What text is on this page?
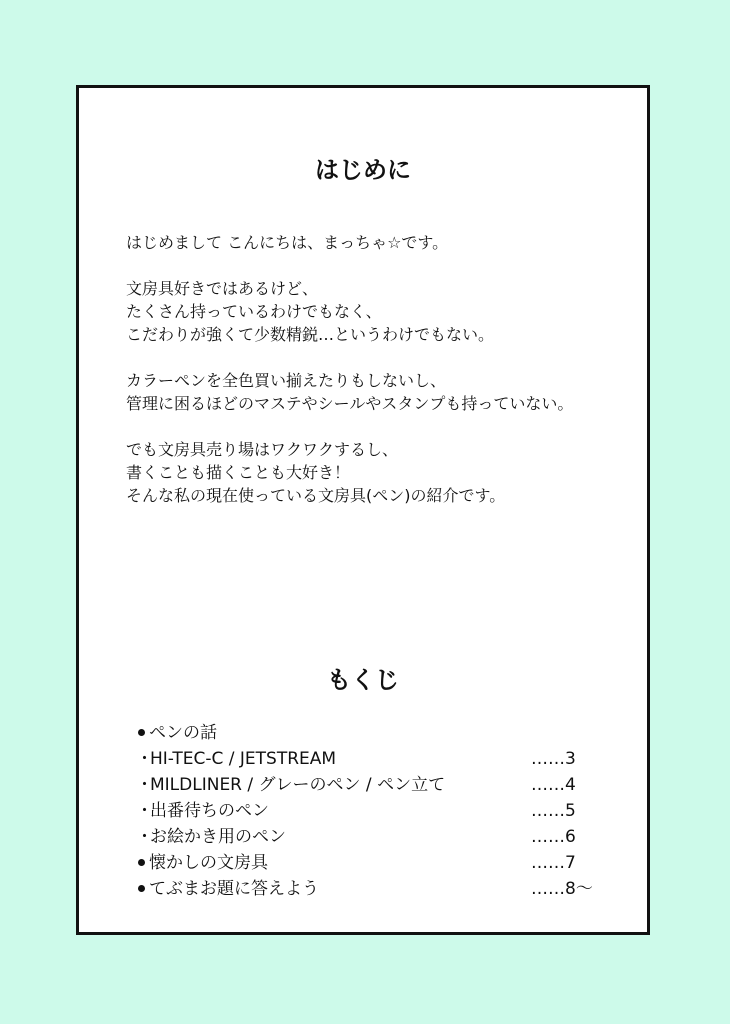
はじめに

はじめまして こんにちは、まっちゃ☆です。

文房具好きではあるけど、
たくさん持っているわけでもなく、
こだわりが強くて少数精鋭…というわけでもない。

カラーペンを全色買い揃えたりもしないし、
管理に困るほどのマステやシールやスタンプも持っていない。

でも文房具売り場はワクワクするし、
書くことも描くことも大好き！
そんな私の現在使っている文房具(ペン)の紹介です。

もくじ
ペンの話
・HI-TEC-C / JETSTREAM	……3
・MILDLINER / グレーのペン / ペン立て	……4
・出番待ちのペン	……5
・お絵かき用のペン	……6
懐かしの文房具	……7
てぶまお題に答えよう	……8～
